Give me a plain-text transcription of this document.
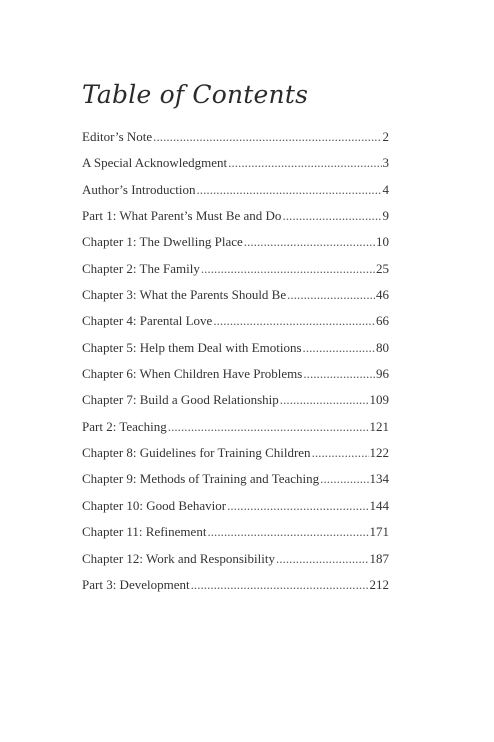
Table of Contents
Editor’s Note . . .	2
A Special Acknowledgment . . .	3
Author’s Introduction . . .	4
Part 1: What Parent’s Must Be and Do . . .	9
Chapter 1: The Dwelling Place . . .	10
Chapter 2: The Family . . .	25
Chapter 3: What the Parents Should Be . . .	46
Chapter 4: Parental Love . . .	66
Chapter 5: Help them Deal with Emotions . . .	80
Chapter 6: When Children Have Problems . . .	96
Chapter 7: Build a Good Relationship . . .	109
Part 2: Teaching . . .	121
Chapter 8: Guidelines for Training Children . . .	122
Chapter 9: Methods of Training and Teaching . . .	134
Chapter 10: Good Behavior . . .	144
Chapter 11: Refinement . . .	171
Chapter 12: Work and Responsibility . . .	187
Part 3: Development . . .	212
